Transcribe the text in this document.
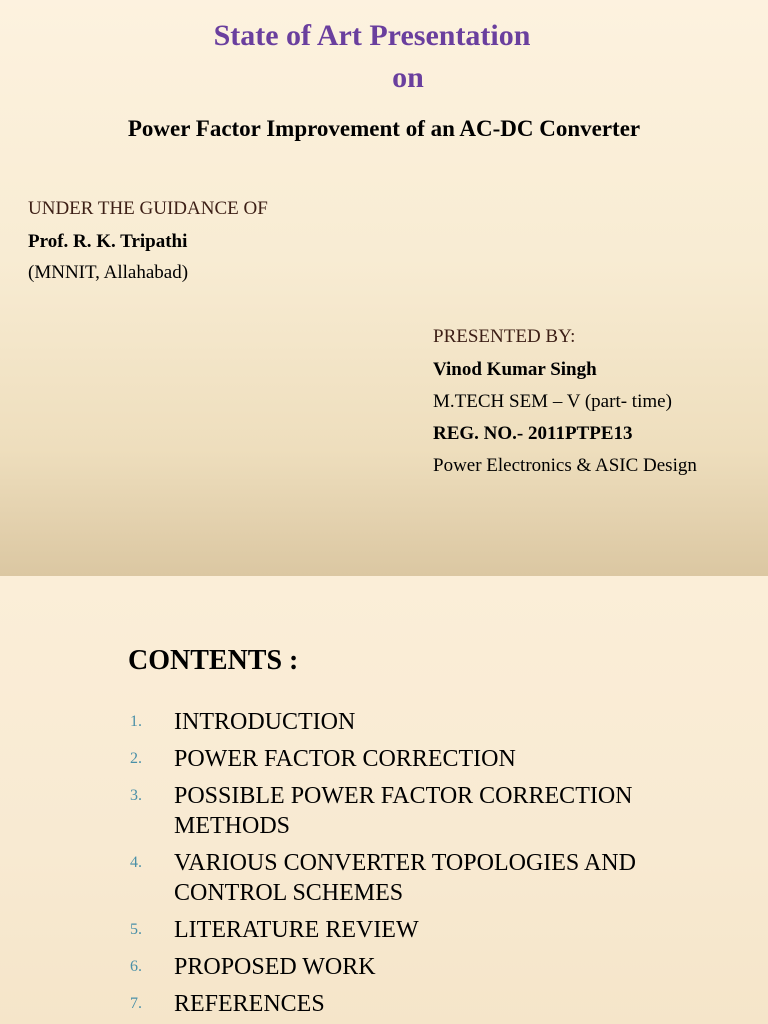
State of Art Presentation
on
Power Factor Improvement of an AC-DC Converter

UNDER THE GUIDANCE OF

Prof. R. K. Tripathi

(MNNIT, Allahabad)

PRESENTED BY:

Vinod Kumar Singh

M.TECH SEM – V (part- time)

REG. NO.- 2011PTPE13

Power Electronics & ASIC Design

CONTENTS :
1. INTRODUCTION
2. POWER FACTOR CORRECTION
3. POSSIBLE POWER FACTOR CORRECTION METHODS
4. VARIOUS CONVERTER TOPOLOGIES AND CONTROL SCHEMES
5. LITERATURE REVIEW
6. PROPOSED WORK
7. REFERENCES
